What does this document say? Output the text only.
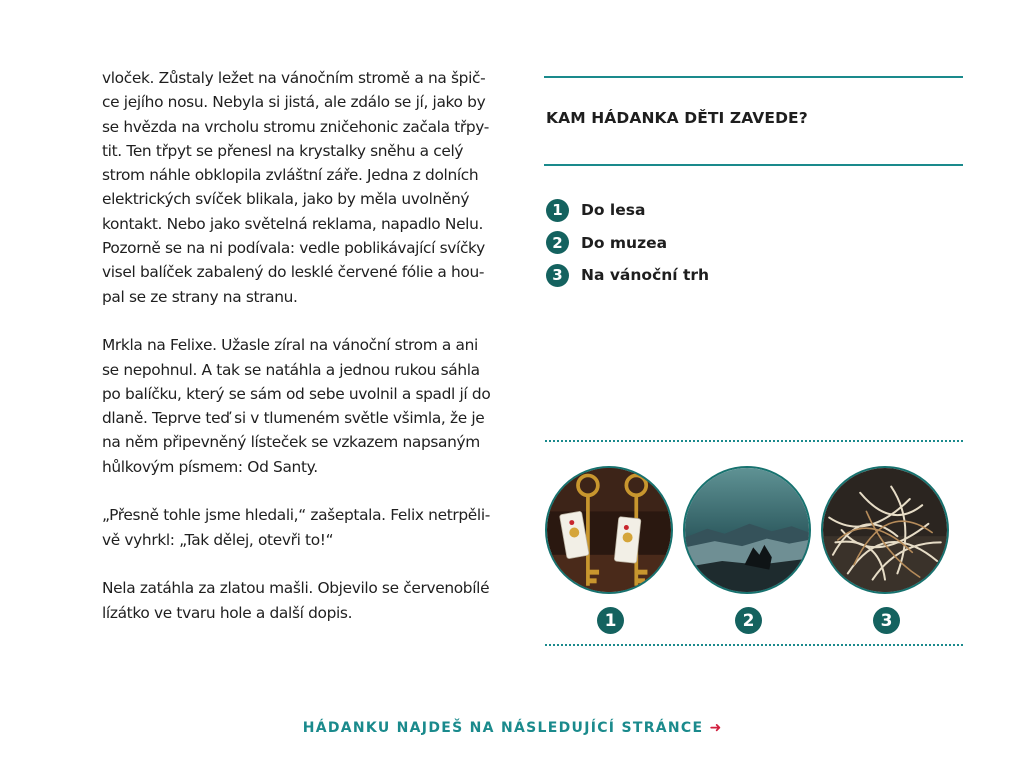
vloček. Zůstaly ležet na vánočním stromě a na špič-
ce jejího nosu. Nebyla si jistá, ale zdálo se jí, jako by
se hvězda na vrcholu stromu zničehonic začala třpy-
tit. Ten třpyt se přenesl na krystalky sněhu a celý
strom náhle obklopila zvláštní záře. Jedna z dolních
elektrických svíček blikala, jako by měla uvolněný
kontakt. Nebo jako světelná reklama, napadlo Nelu.
Pozorně se na ni podívala: vedle poblikávající svíčky
visel balíček zabalený do lesklé červené fólie a hou-
pal se ze strany na stranu.

Mrkla na Felixe. Užasle zíral na vánoční strom a ani
se nepohnul. A tak se natáhla a jednou rukou sáhla
po balíčku, který se sám od sebe uvolnil a spadl jí do
dlaně. Teprve teď si v tlumeném světle všimla, že je
na něm připevněný lísteček se vzkazem napsaným
hůlkovým písmem: Od Santy.

„Přesně tohle jsme hledali,“ zašeptala. Felix netrpěli-
vě vyhrkl: „Tak dělej, otevři to!“

Nela zatáhla za zlatou mašli. Objevilo se červenobílé
lízátko ve tvaru hole a další dopis.

KAM HÁDANKA DĚTI ZAVEDE?
1	Do lesa
2	Do muzea
3	Na vánoční trh
1	2	3
HÁDANKU NAJDEŠ NA NÁSLEDUJÍCÍ STRÁNCE ➜
